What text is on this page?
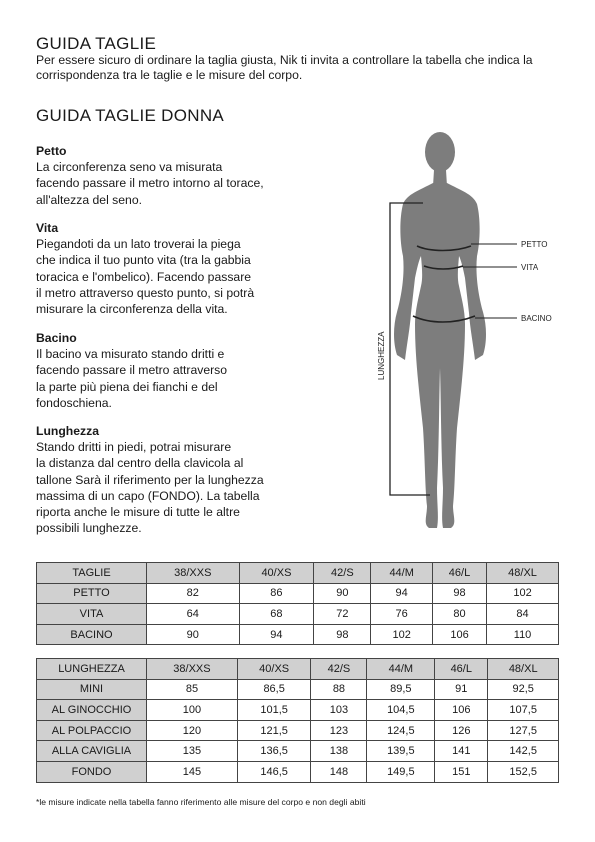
GUIDA TAGLIE
Per essere sicuro di ordinare la taglia giusta, Nik ti invita a controllare la tabella che indica la corrispondenza tra le taglie e le misure del corpo.
GUIDA TAGLIE DONNA
Petto
La circonferenza seno va misurata
facendo passare il metro intorno al torace,
all'altezza del seno.
Vita
Piegandoti da un lato troverai la piega
che indica il tuo punto vita (tra la gabbia
toracica e l'ombelico). Facendo passare
il metro attraverso questo punto, si potrà
misurare la circonferenza della vita.
Bacino
Il bacino va misurato stando dritti e
facendo passare il metro attraverso
la parte più piena dei fianchi e del
fondoschiena.
Lunghezza
Stando dritti in piedi, potrai misurare
la distanza dal centro della clavicola al
tallone Sarà il riferimento per la lunghezza
massima di un capo (FONDO). La tabella
riporta anche le misure di tutte le altre
possibili lunghezze.
PETTO
VITA
BACINO
LUNGHEZZA
TAGLIE	38/XXS	40/XS	42/S	44/M	46/L	48/XL
PETTO	82	86	90	94	98	102
VITA	64	68	72	76	80	84
BACINO	90	94	98	102	106	110
LUNGHEZZA	38/XXS	40/XS	42/S	44/M	46/L	48/XL
MINI	85	86,5	88	89,5	91	92,5
AL GINOCCHIO	100	101,5	103	104,5	106	107,5
AL POLPACCIO	120	121,5	123	124,5	126	127,5
ALLA CAVIGLIA	135	136,5	138	139,5	141	142,5
FONDO	145	146,5	148	149,5	151	152,5
*le misure indicate nella tabella fanno riferimento alle misure del corpo e non degli abiti
